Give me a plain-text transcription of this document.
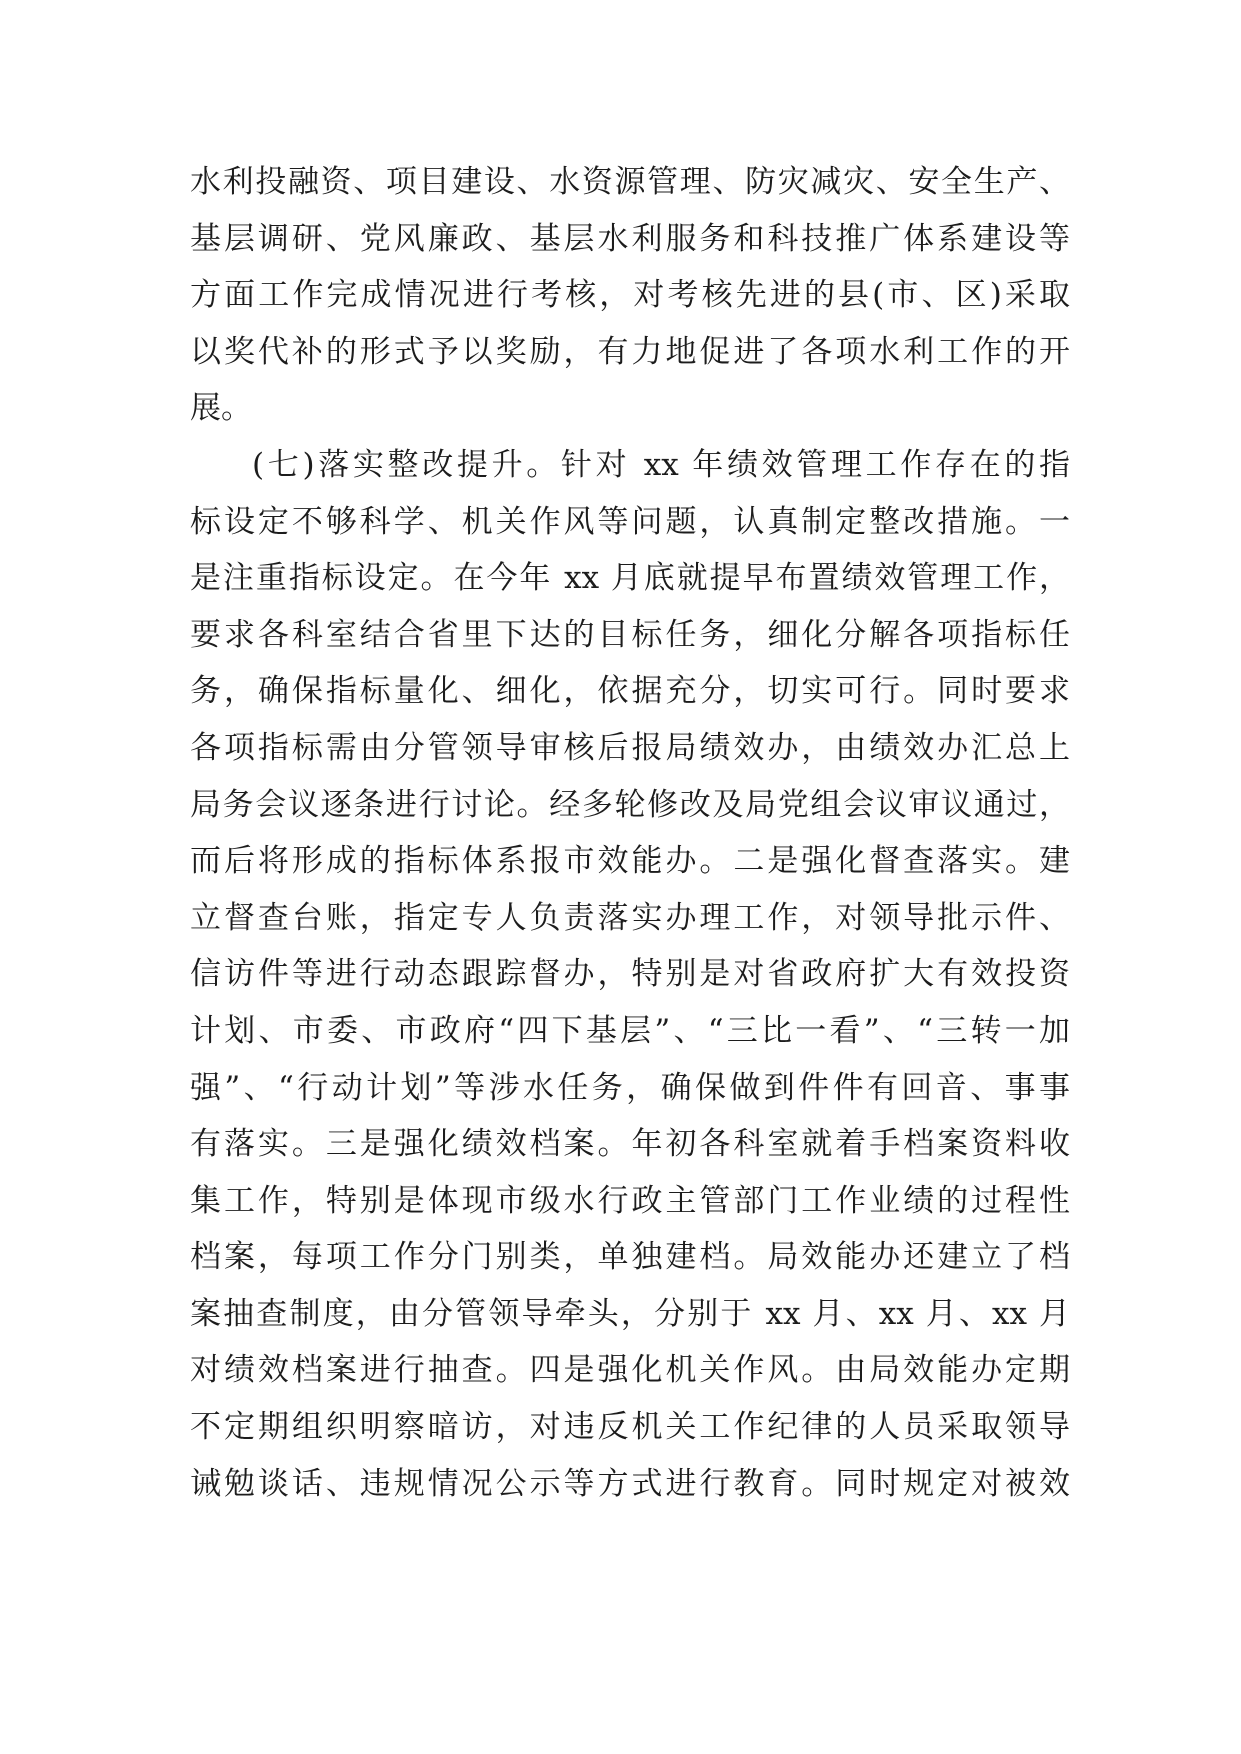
水利投融资、项目建设、水资源管理、防灾减灾、安全生产、
基层调研、党风廉政、基层水利服务和科技推广体系建设等
方面工作完成情况进行考核，对考核先进的县(市、区)采取
以奖代补的形式予以奖励，有力地促进了各项水利工作的开
展。
(七)落实整改提升。针对 xx 年绩效管理工作存在的指
标设定不够科学、机关作风等问题，认真制定整改措施。一
是注重指标设定。在今年 xx 月底就提早布置绩效管理工作，
要求各科室结合省里下达的目标任务，细化分解各项指标任
务，确保指标量化、细化，依据充分，切实可行。同时要求
各项指标需由分管领导审核后报局绩效办，由绩效办汇总上
局务会议逐条进行讨论。经多轮修改及局党组会议审议通过，
而后将形成的指标体系报市效能办。二是强化督查落实。建
立督查台账，指定专人负责落实办理工作，对领导批示件、
信访件等进行动态跟踪督办，特别是对省政府扩大有效投资
计划、市委、市政府“四下基层”、“三比一看”、“三转一加
强”、“行动计划”等涉水任务，确保做到件件有回音、事事
有落实。三是强化绩效档案。年初各科室就着手档案资料收
集工作，特别是体现市级水行政主管部门工作业绩的过程性
档案，每项工作分门别类，单独建档。局效能办还建立了档
案抽查制度，由分管领导牵头，分别于 xx 月、xx 月、xx 月
对绩效档案进行抽查。四是强化机关作风。由局效能办定期
不定期组织明察暗访，对违反机关工作纪律的人员采取领导
诫勉谈话、违规情况公示等方式进行教育。同时规定对被效
